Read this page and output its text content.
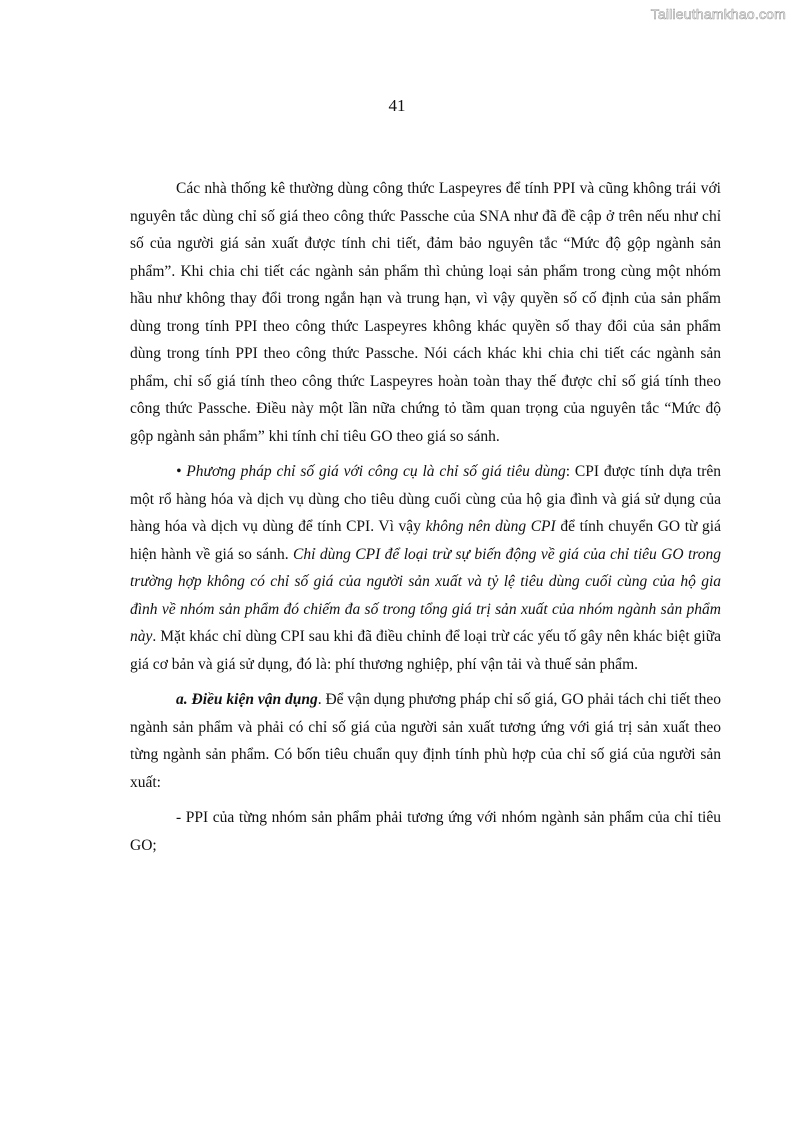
Tailieuthamkhao.com
41

Các nhà thống kê thường dùng công thức Laspeyres để tính PPI và cũng không trái với nguyên tắc dùng chỉ số giá theo công thức Passche của SNA như đã đề cập ở trên nếu như chỉ số của người giá sản xuất được tính chi tiết, đảm bảo nguyên tắc “Mức độ gộp ngành sản phẩm”. Khi chia chi tiết các ngành sản phẩm thì chủng loại sản phẩm trong cùng một nhóm hầu như không thay đổi trong ngắn hạn và trung hạn, vì vậy quyền số cố định của sản phẩm dùng trong tính PPI theo công thức Laspeyres không khác quyền số thay đổi của sản phẩm dùng trong tính PPI theo công thức Passche. Nói cách khác khi chia chi tiết các ngành sản phẩm, chỉ số giá tính theo công thức Laspeyres hoàn toàn thay thế được chỉ số giá tính theo công thức Passche. Điều này một lần nữa chứng tỏ tầm quan trọng của nguyên tắc “Mức độ gộp ngành sản phẩm” khi tính chỉ tiêu GO theo giá so sánh.

• Phương pháp chỉ số giá với công cụ là chỉ số giá tiêu dùng: CPI được tính dựa trên một rổ hàng hóa và dịch vụ dùng cho tiêu dùng cuối cùng của hộ gia đình và giá sử dụng của hàng hóa và dịch vụ dùng để tính CPI. Vì vậy không nên dùng CPI để tính chuyển GO từ giá hiện hành về giá so sánh. Chỉ dùng CPI để loại trừ sự biến động về giá của chỉ tiêu GO trong trường hợp không có chỉ số giá của người sản xuất và tỷ lệ tiêu dùng cuối cùng của hộ gia đình về nhóm sản phẩm đó chiếm đa số trong tổng giá trị sản xuất của nhóm ngành sản phẩm này. Mặt khác chỉ dùng CPI sau khi đã điều chỉnh để loại trừ các yếu tố gây nên khác biệt giữa giá cơ bản và giá sử dụng, đó là: phí thương nghiệp, phí vận tải và thuế sản phẩm.

a. Điều kiện vận dụng. Để vận dụng phương pháp chỉ số giá, GO phải tách chi tiết theo ngành sản phẩm và phải có chỉ số giá của người sản xuất tương ứng với giá trị sản xuất theo từng ngành sản phẩm. Có bốn tiêu chuẩn quy định tính phù hợp của chỉ số giá của người sản xuất:

- PPI của từng nhóm sản phẩm phải tương ứng với nhóm ngành sản phẩm của chỉ tiêu GO;
